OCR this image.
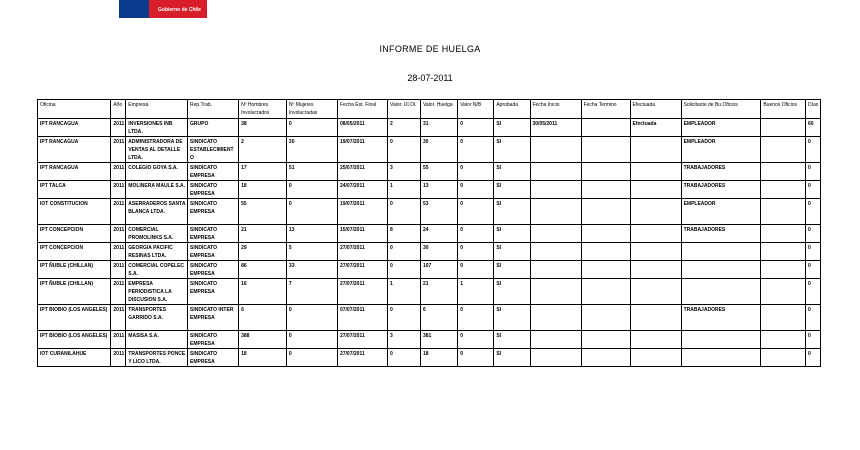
Gobierno de Chile
INFORME DE HUELGA
28-07-2011
Oficina	Año	Empresa	Rep.Trab.	Nº Hombres Involucrados	Nº Mujeres Involucradas	Fecha Est. Final	Valor. UI.Ol.	Valor. Huelga	Valor N/B	Aprobada	Fecha Inicio	Fecha Termino	Efectuada	Solicitante de Bu.Oficios	Buenos Oficios	Días
IPT RANCAGUA	2011	INVERSIONES INB LTDA.	GRUPO	38	0	08/05/2011	2	31	0	SI	30/05/2011		Efectuada	EMPLEADOR		60
IPT RANCAGUA	2011	ADMINISTRADORA DE VENTAS AL DETALLE LTDA.	SINDICATO ESTABLECIMIENTO	2	30	19/07/2011	0	30	0	SI				EMPLEADOR		0
IPT RANCAGUA	2011	COLEGIO GOYA S.A.	SINDICATO EMPRESA	17	51	25/07/2011	3	55	0	SI				TRABAJADORES		0
IPT TALCA	2011	MOLINERA MAULE S.A.	SINDICATO EMPRESA	18	0	24/07/2011	1	13	0	SI				TRABAJADORES		0
IOT CONSTITUCION	2011	ASERRADEROS SANTA BLANCA LTDA.	SINDICATO EMPRESA	55	0	19/07/2011	0	53	0	SI				EMPLEADOR		0
IPT CONCEPCION	2011	COMERCIAL PROMOLINKS S.A.	SINDICATO EMPRESA	21	13	15/07/2011	8	24	0	SI				TRABAJADORES		0
IPT CONCEPCION	2011	GEORGIA PACIFIC RESINAS LTDA.	SINDICATO EMPRESA	29	5	27/07/2011	0	30	0	SI						0
IPT ÑUBLE (CHILLAN)	2011	COMERCIAL COPELEC S.A.	SINDICATO EMPRESA	86	33	27/07/2011	0	107	0	SI						0
IPT ÑUBLE (CHILLAN)	2011	EMPRESA PERIODISTICA LA DISCUSION S.A.	SINDICATO EMPRESA	16	7	27/07/2011	1	21	1	SI						0
IPT BIOBIO (LOS ANGELES)	2011	TRANSPORTES GARRIDO S.A.	SINDICATO INTER EMPRESA	6	0	07/07/2011	0	6	0	SI				TRABAJADORES		0
IPT BIOBIO (LOS ANGELES)	2011	MASISA S.A.	SINDICATO EMPRESA	388	0	27/07/2011	3	381	0	SI						0
IOT CURANILAHUE	2011	TRANSPORTES PONCE Y LICO LTDA.	SINDICATO EMPRESA	18	0	27/07/2011	0	18	0	SI						0
